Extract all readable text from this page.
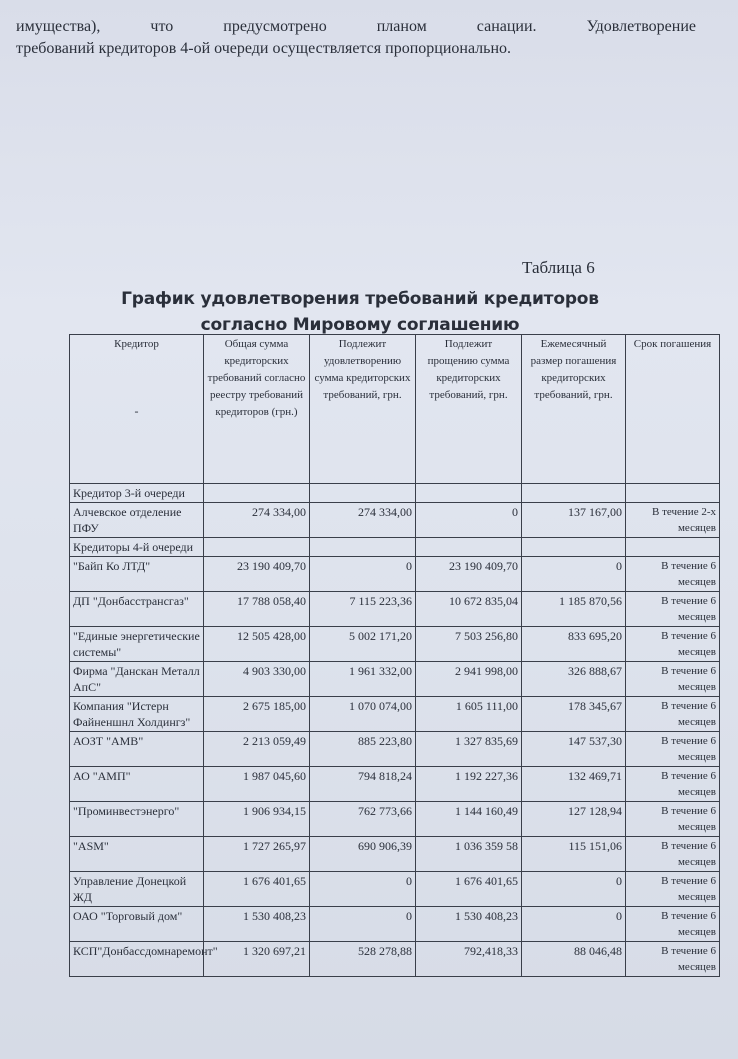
имущества), что предусмотрено планом санации. Удовлетворение

требований кредиторов 4-ой очереди осуществляется пропорционально.

Таблица 6
График удовлетворения требований кредиторов
согласно Мировому соглашению
Кредитор
-	Общая сумма кредиторских требований согласно реестру требований кредиторов (грн.)	Подлежит удовлетворению сумма кредиторских требований, грн.	Подлежит прощению сумма кредиторских требований, грн.	Ежемесячный размер погашения кредиторских требований, грн.	Срок погашения
Кредитор 3-й очереди					
Алчевское отделение ПФУ	274 334,00	274 334,00	0	137 167,00	В течение 2-х месяцев
Кредиторы 4-й очереди					
"Байп Ко ЛТД"	23 190 409,70	0	23 190 409,70	0	В течение 6 месяцев
ДП "Донбасстрансгаз"	17 788 058,40	7 115 223,36	10 672 835,04	1 185 870,56	В течение 6 месяцев
"Единые энергетические системы"	12 505 428,00	5 002 171,20	7 503 256,80	833 695,20	В течение 6 месяцев
Фирма "Данскан Металл АпС"	4 903 330,00	1 961 332,00	2 941 998,00	326 888,67	В течение 6 месяцев
Компания "Истерн Файненшнл Холдингз"	2 675 185,00	1 070 074,00	1 605 111,00	178 345,67	В течение 6 месяцев
АОЗТ "АМВ"	2 213 059,49	885 223,80	1 327 835,69	147 537,30	В течение 6 месяцев
АО "АМП"	1 987 045,60	794 818,24	1 192 227,36	132 469,71	В течение 6 месяцев
"Проминвестэнерго"	1 906 934,15	762 773,66	1 144 160,49	127 128,94	В течение 6 месяцев
"ASM"	1 727 265,97	690 906,39	1 036 359 58	115 151,06	В течение 6 месяцев
Управление Донецкой ЖД	1 676 401,65	0	1 676 401,65	0	В течение 6 месяцев
ОАО "Торговый дом"	1 530 408,23	0	1 530 408,23	0	В течение 6 месяцев
КСП"Донбассдомнаремонт"	1 320 697,21	528 278,88	792,418,33	88 046,48	В течение 6 месяцев
